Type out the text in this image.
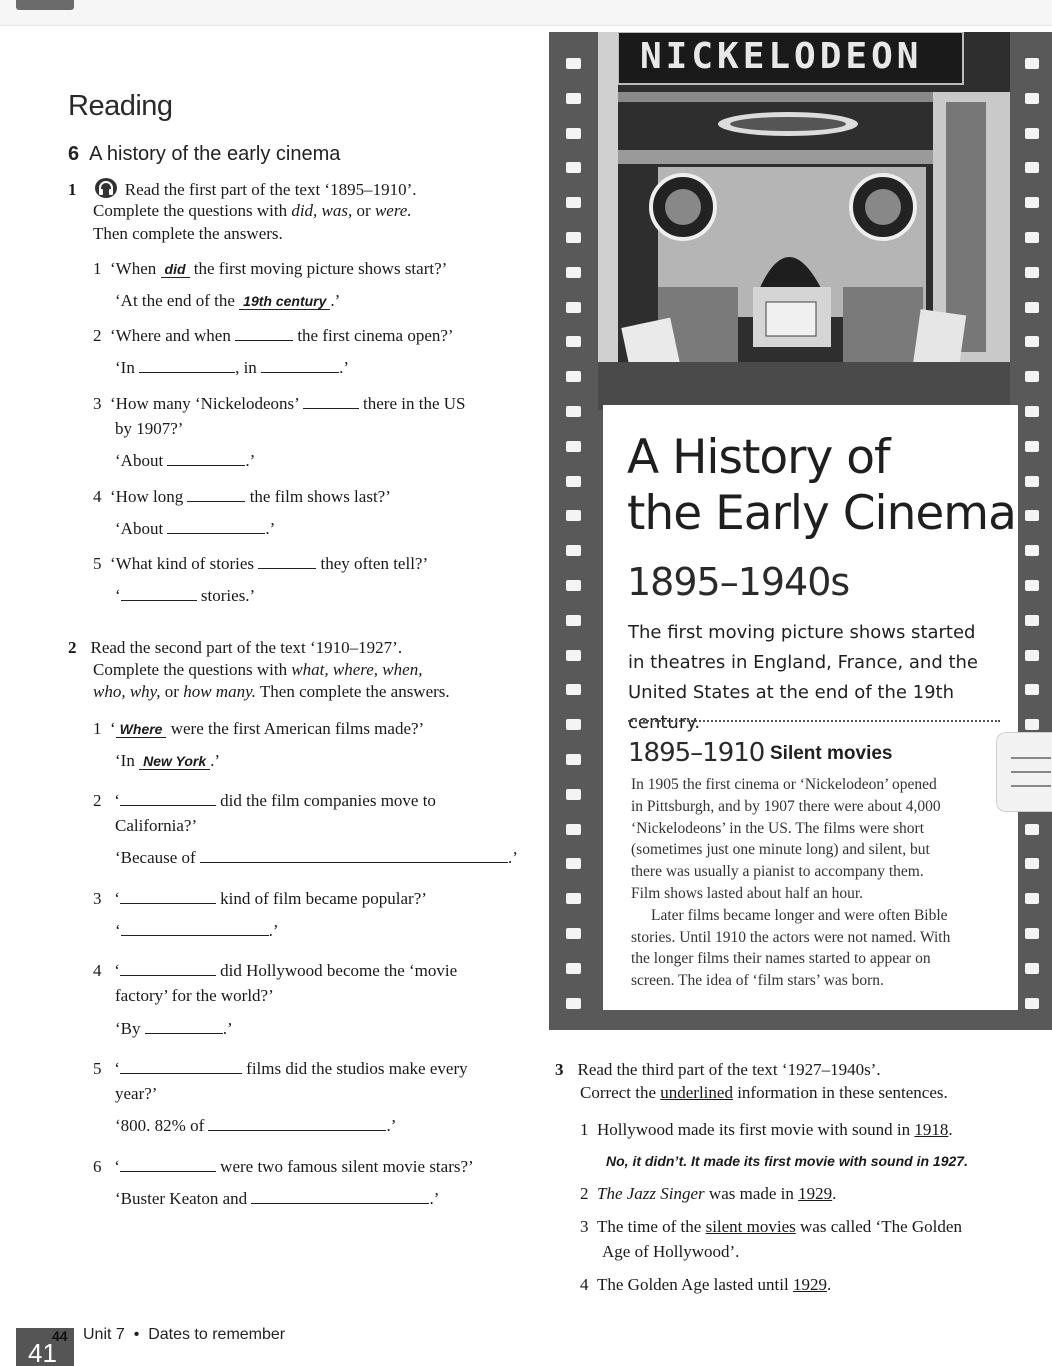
Reading
6 A history of the early cinema
1	Read the first part of the text ‘1895–1910’.
Complete the questions with did, was, or were.
Then complete the answers.
1 ‘When did the first moving picture shows start?’
‘At the end of the 19th century .’
2 ‘Where and when	the first cinema open?’
‘In	, in	.’
3 ‘How many ‘Nickelodeons’	there in the US
by 1907?’
‘About	.’
4 ‘How long	the film shows last?’
‘About	.’
5 ‘What kind of stories	they often tell?’
‘	stories.’
2 Read the second part of the text ‘1910–1927’.
Complete the questions with what, where, when,
who, why, or how many. Then complete the answers.
1 ‘ Where were the first American films made?’
‘In New York .’
2 ‘	did the film companies move to
California?’
‘Because of	.’
3 ‘	kind of film became popular?’
‘	.’
4 ‘	did Hollywood become the ‘movie
factory’ for the world?’
‘By	.’
5 ‘	films did the studios make every
year?’
‘800. 82% of	.’
6 ‘	were two famous silent movie stars?’
‘Buster Keaton and	.’
NICKELODEON
A History of
the Early Cinema
1895–1940s
The first moving picture shows started
in theatres in England, France, and the
United States at the end of the 19th century.
1895–1910 Silent movies

In 1905 the first cinema or ‘Nickelodeon’ opened

in Pittsburgh, and by 1907 there were about 4,000

‘Nickelodeons’ in the US. The films were short

(sometimes just one minute long) and silent, but

there was usually a pianist to accompany them.

Film shows lasted about half an hour.

Later films became longer and were often Bible

stories. Until 1910 the actors were not named. With

the longer films their names started to appear on

screen. The idea of ‘film stars’ was born.

3 Read the third part of the text ‘1927–1940s’.
Correct the underlined information in these sentences.
1 Hollywood made its first movie with sound in 1918.
No, it didn’t. It made its first movie with sound in 1927.
2 The Jazz Singer was made in 1929.
3 The time of the silent movies was called ‘The Golden
Age of Hollywood’.
4 The Golden Age lasted until 1929.
41
44 Unit 7 • Dates to remember
